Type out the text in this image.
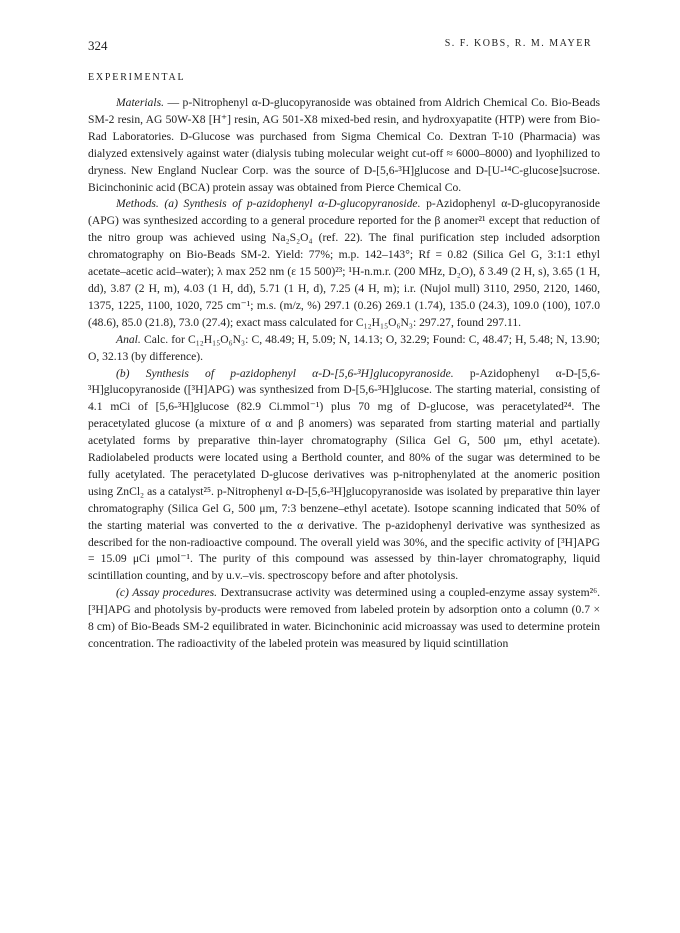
324	S. F. KOBS, R. M. MAYER
EXPERIMENTAL

Materials. — p-Nitrophenyl α-D-glucopyranoside was obtained from Aldrich Chemical Co. Bio-Beads SM-2 resin, AG 50W-X8 [H⁺] resin, AG 501-X8 mixed-bed resin, and hydroxyapatite (HTP) were from Bio-Rad Laboratories. D-Glucose was purchased from Sigma Chemical Co. Dextran T-10 (Pharmacia) was dialyzed extensively against water (dialysis tubing molecular weight cut-off ≈ 6000–8000) and lyophilized to dryness. New England Nuclear Corp. was the source of D-[5,6-³H]glucose and D-[U-¹⁴C-glucose]sucrose. Bicinchoninic acid (BCA) protein assay was obtained from Pierce Chemical Co.

Methods. (a) Synthesis of p-azidophenyl α-D-glucopyranoside. p-Azidophenyl α-D-glucopyranoside (APG) was synthesized according to a general procedure reported for the β anomer²¹ except that reduction of the nitro group was achieved using Na₂S₂O₄ (ref. 22). The final purification step included adsorption chromatography on Bio-Beads SM-2. Yield: 77%; m.p. 142–143°; Rf = 0.82 (Silica Gel G, 3:1:1 ethyl acetate–acetic acid–water); λ max 252 nm (ε 15 500)²³; ¹H-n.m.r. (200 MHz, D₂O), δ 3.49 (2 H, s), 3.65 (1 H, dd), 3.87 (2 H, m), 4.03 (1 H, dd), 5.71 (1 H, d), 7.25 (4 H, m); i.r. (Nujol mull) 3110, 2950, 2120, 1460, 1375, 1225, 1100, 1020, 725 cm⁻¹; m.s. (m/z, %) 297.1 (0.26) 269.1 (1.74), 135.0 (24.3), 109.0 (100), 107.0 (48.6), 85.0 (21.8), 73.0 (27.4); exact mass calculated for C₁₂H₁₅O₆N₃: 297.27, found 297.11.

Anal. Calc. for C₁₂H₁₅O₆N₃: C, 48.49; H, 5.09; N, 14.13; O, 32.29; Found: C, 48.47; H, 5.48; N, 13.90; O, 32.13 (by difference).

(b) Synthesis of p-azidophenyl α-D-[5,6-³H]glucopyranoside. p-Azidophenyl α-D-[5,6-³H]glucopyranoside ([³H]APG) was synthesized from D-[5,6-³H]glucose. The starting material, consisting of 4.1 mCi of [5,6-³H]glucose (82.9 Ci.mmol⁻¹) plus 70 mg of D-glucose, was peracetylated²⁴. The peracetylated glucose (a mixture of α and β anomers) was separated from starting material and partially acetylated forms by preparative thin-layer chromatography (Silica Gel G, 500 μm, ethyl acetate). Radiolabeled products were located using a Berthold counter, and 80% of the sugar was determined to be fully acetylated. The peracetylated D-glucose derivatives was p-nitrophenylated at the anomeric position using ZnCl₂ as a catalyst²⁵. p-Nitrophenyl α-D-[5,6-³H]glucopyranoside was isolated by preparative thin layer chromatography (Silica Gel G, 500 μm, 7:3 benzene–ethyl acetate). Isotope scanning indicated that 50% of the starting material was converted to the α derivative. The p-azidophenyl derivative was synthesized as described for the non-radioactive compound. The overall yield was 30%, and the specific activity of [³H]APG = 15.09 μCi μmol⁻¹. The purity of this compound was assessed by thin-layer chromatography, liquid scintillation counting, and by u.v.–vis. spectroscopy before and after photolysis.

(c) Assay procedures. Dextransucrase activity was determined using a coupled-enzyme assay system²⁶. [³H]APG and photolysis by-products were removed from labeled protein by adsorption onto a column (0.7 × 8 cm) of Bio-Beads SM-2 equilibrated in water. Bicinchoninic acid microassay was used to determine protein concentration. The radioactivity of the labeled protein was measured by liquid scintillation
